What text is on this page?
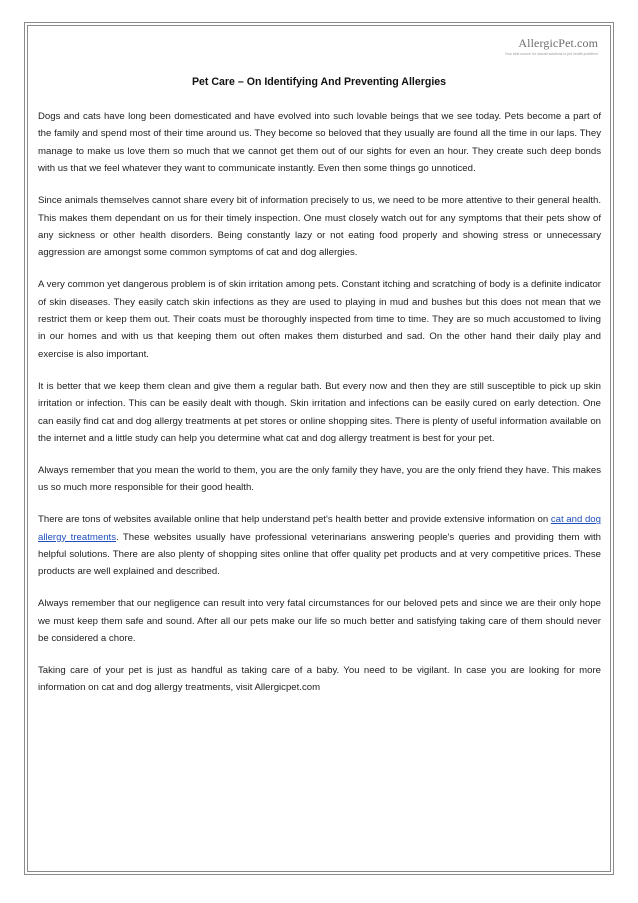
AllergicPet.com
Your best source for natural solutions to pet health problems
Pet Care – On Identifying And Preventing Allergies

Dogs and cats have long been domesticated and have evolved into such lovable beings that we see today. Pets become a part of the family and spend most of their time around us. They become so beloved that they usually are found all the time in our laps. They manage to make us love them so much that we cannot get them out of our sights for even an hour. They create such deep bonds with us that we feel whatever they want to communicate instantly. Even then some things go unnoticed.

Since animals themselves cannot share every bit of information precisely to us, we need to be more attentive to their general health. This makes them dependant on us for their timely inspection. One must closely watch out for any symptoms that their pets show of any sickness or other health disorders. Being constantly lazy or not eating food properly and showing stress or unnecessary aggression are amongst some common symptoms of cat and dog allergies.

A very common yet dangerous problem is of skin irritation among pets. Constant itching and scratching of body is a definite indicator of skin diseases. They easily catch skin infections as they are used to playing in mud and bushes but this does not mean that we restrict them or keep them out. Their coats must be thoroughly inspected from time to time. They are so much accustomed to living in our homes and with us that keeping them out often makes them disturbed and sad. On the other hand their daily play and exercise is also important.

It is better that we keep them clean and give them a regular bath. But every now and then they are still susceptible to pick up skin irritation or infection. This can be easily dealt with though. Skin irritation and infections can be easily cured on early detection. One can easily find cat and dog allergy treatments at pet stores or online shopping sites. There is plenty of useful information available on the internet and a little study can help you determine what cat and dog allergy treatment is best for your pet.

Always remember that you mean the world to them, you are the only family they have, you are the only friend they have. This makes us so much more responsible for their good health.

There are tons of websites available online that help understand pet's health better and provide extensive information on cat and dog allergy treatments. These websites usually have professional veterinarians answering people's queries and providing them with helpful solutions. There are also plenty of shopping sites online that offer quality pet products and at very competitive prices. These products are well explained and described.

Always remember that our negligence can result into very fatal circumstances for our beloved pets and since we are their only hope we must keep them safe and sound. After all our pets make our life so much better and satisfying taking care of them should never be considered a chore.

Taking care of your pet is just as handful as taking care of a baby. You need to be vigilant. In case you are looking for more information on cat and dog allergy treatments, visit Allergicpet.com
